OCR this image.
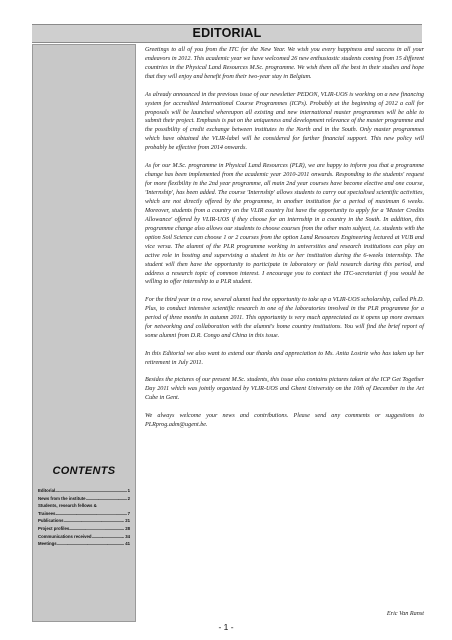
EDITORIAL
CONTENTS
Editorial .....	1
News from the institute .....	2
Students, research fellows &
Trainees .....	7
Publications .....	21
Project profiles .....	28
Communications received .....	34
Meetings .....	41

Greetings to all of you from the ITC for the New Year. We wish you every happiness and success in all your endeavors in 2012. This academic year we have welcomed 26 new enthusiastic students coming from 15 different countries in the Physical Land Resources M.Sc. programme. We wish them all the best in their studies and hope that they will enjoy and benefit from their two-year stay in Belgium.

As already announced in the previous issue of our newsletter PEDON, VLIR-UOS is working on a new financing system for accredited International Course Programmes (ICPs). Probably at the beginning of 2012 a call for proposals will be launched whereupon all existing and new international master programmes will be able to submit their project. Emphasis is put on the uniqueness and development relevance of the master programme and the possibility of credit exchange between institutes in the North and in the South. Only master programmes which have obtained the VLIR-label will be considered for further financial support. This new policy will probably be effective from 2014 onwards.

As for our M.Sc. programme in Physical Land Resources (PLR), we are happy to inform you that a programme change has been implemented from the academic year 2010-2011 onwards. Responding to the students' request for more flexibility in the 2nd year programme, all main 2nd year courses have become elective and one course, 'Internship', has been added. The course 'Internship' allows students to carry out specialised scientific activities, which are not directly offered by the programme, in another institution for a period of maximum 6 weeks. Moreover, students from a country on the VLIR country list have the opportunity to apply for a 'Master Credits Allowance' offered by VLIR-UOS if they choose for an internship in a country in the South. In addition, this programme change also allows our students to choose courses from the other main subject, i.e. students with the option Soil Science can choose 1 or 2 courses from the option Land Resources Engineering lectured at VUB and vice versa. The alumni of the PLR programme working in universities and research institutions can play an active role in hosting and supervising a student in his or her institution during the 6-weeks internship. The student will then have the opportunity to participate in laboratory or field research during this period, and address a research topic of common interest. I encourage you to contact the ITC-secretariat if you would be willing to offer internship to a PLR student.

For the third year in a row, several alumni had the opportunity to take up a VLIR-UOS scholarship, called Ph.D. Plus, to conduct intensive scientific research in one of the laboratories involved in the PLR programme for a period of three months in autumn 2011. This opportunity is very much appreciated as it opens up more avenues for networking and collaboration with the alumni's home country institutions. You will find the brief report of some alumni from D.R. Congo and China in this issue.

In this Editorial we also want to extend our thanks and appreciation to Ms. Anita Lostrie who has taken up her retirement in July 2011.

Besides the pictures of our present M.Sc. students, this issue also contains pictures taken at the ICP Get Together Day 2011 which was jointly organized by VLIR-UOS and Ghent University on the 10th of December in the Art Cube in Gent.

We always welcome your news and contributions. Please send any comments or suggestions to PLRprog.adm@ugent.be.

Eric Van Ranst
- 1 -
